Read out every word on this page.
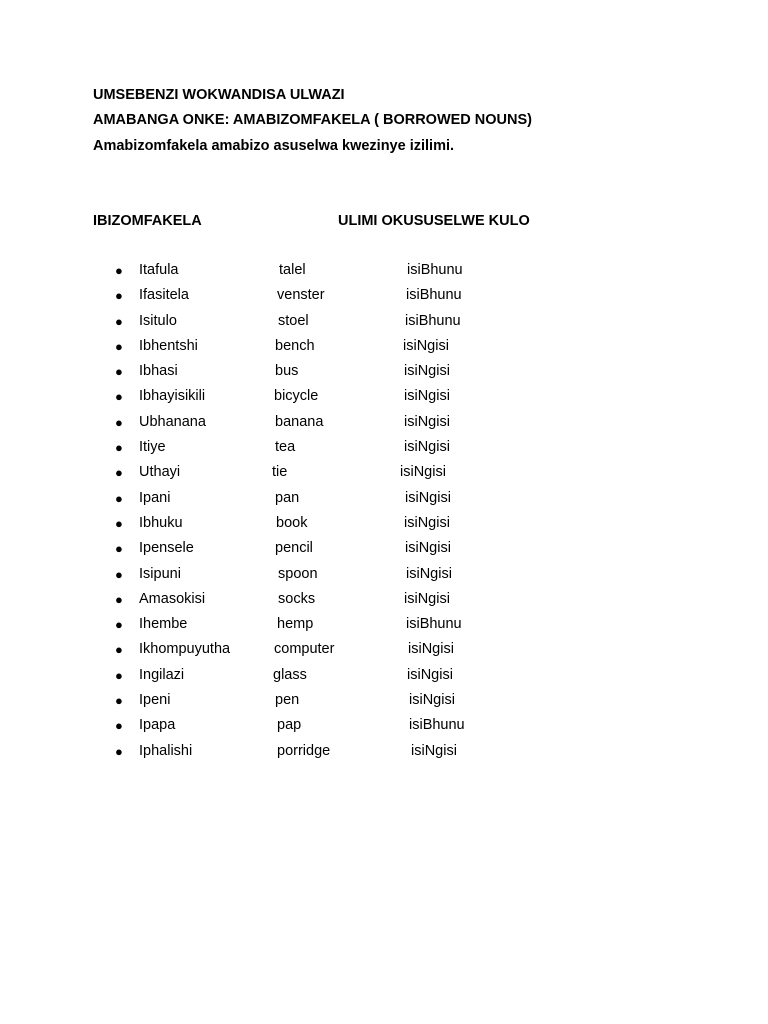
UMSEBENZI WOKWANDISA ULWAZI
AMABANGA ONKE: AMABIZOMFAKELA ( BORROWED NOUNS)
Amabizomfakela amabizo asuselwa kwezinye izilimi.
IBIZOMFAKELA	ULIMI OKUSUSELWE KULO
● Itafula	talel	isiBhunu
● Ifasitela	venster	isiBhunu
● Isitulo	stoel	isiBhunu
● Ibhentshi	bench	isiNgisi
● Ibhasi	bus	isiNgisi
● Ibhayisikili	bicycle	isiNgisi
● Ubhanana	banana	isiNgisi
● Itiye	tea	isiNgisi
● Uthayi	tie	isiNgisi
● Ipani	pan	isiNgisi
● Ibhuku	book	isiNgisi
● Ipensele	pencil	isiNgisi
● Isipuni	spoon	isiNgisi
● Amasokisi	socks	isiNgisi
● Ihembe	hemp	isiBhunu
● Ikhompuyutha	computer	isiNgisi
● Ingilazi	glass	isiNgisi
● Ipeni	pen	isiNgisi
● Ipapa	pap	isiBhunu
● Iphalishi	porridge	isiNgisi
